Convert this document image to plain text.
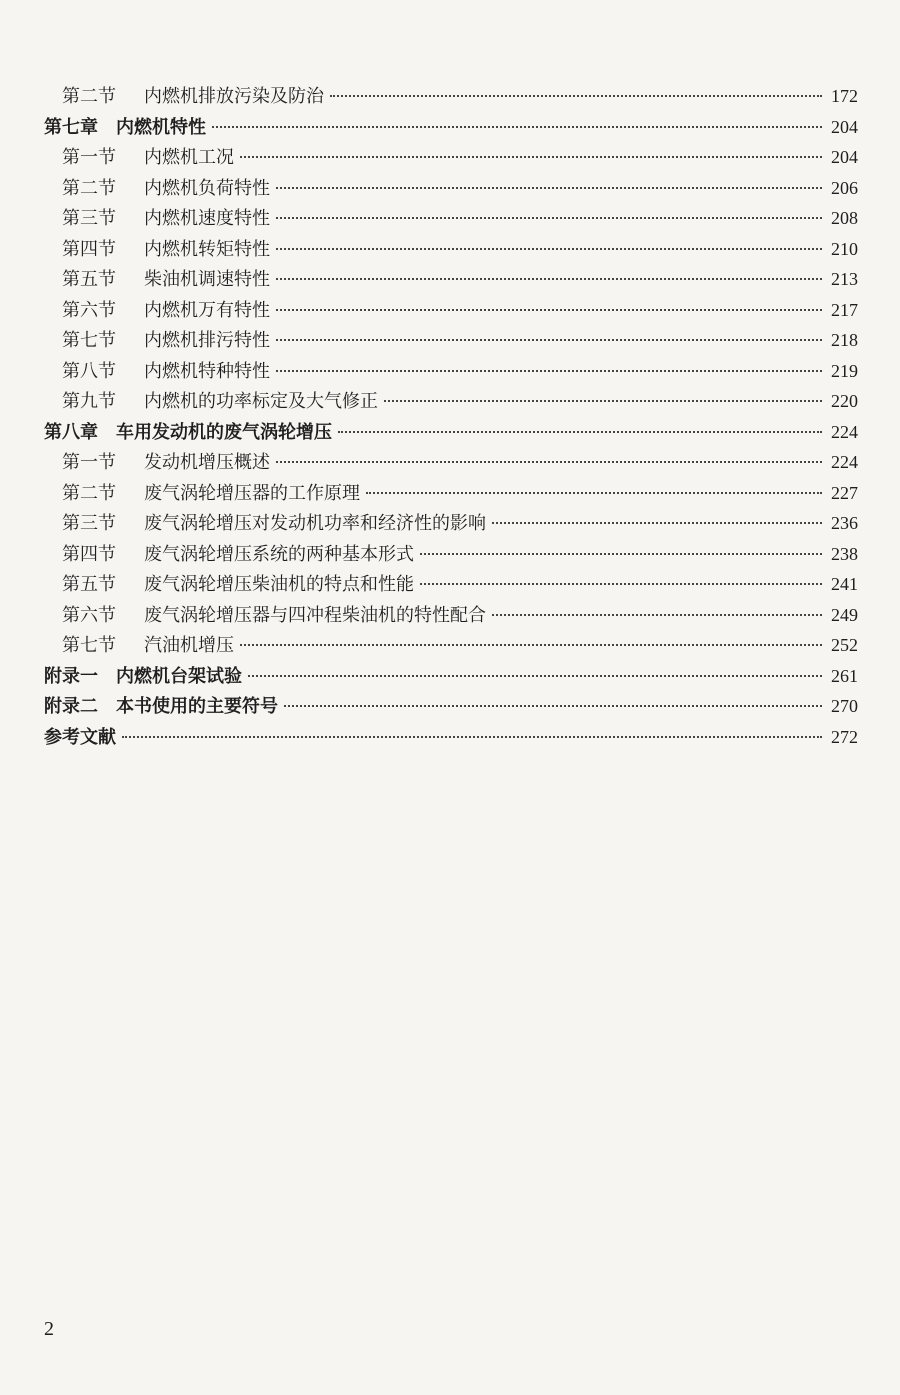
第二节 内燃机排放污染及防治	172
第七章 内燃机特性	204
第一节 内燃机工况	204
第二节 内燃机负荷特性	206
第三节 内燃机速度特性	208
第四节 内燃机转矩特性	210
第五节 柴油机调速特性	213
第六节 内燃机万有特性	217
第七节 内燃机排污特性	218
第八节 内燃机特种特性	219
第九节 内燃机的功率标定及大气修正	220
第八章 车用发动机的废气涡轮增压	224
第一节 发动机增压概述	224
第二节 废气涡轮增压器的工作原理	227
第三节 废气涡轮增压对发动机功率和经济性的影响	236
第四节 废气涡轮增压系统的两种基本形式	238
第五节 废气涡轮增压柴油机的特点和性能	241
第六节 废气涡轮增压器与四冲程柴油机的特性配合	249
第七节 汽油机增压	252
附录一 内燃机台架试验	261
附录二 本书使用的主要符号	270
参考文献	272
2
